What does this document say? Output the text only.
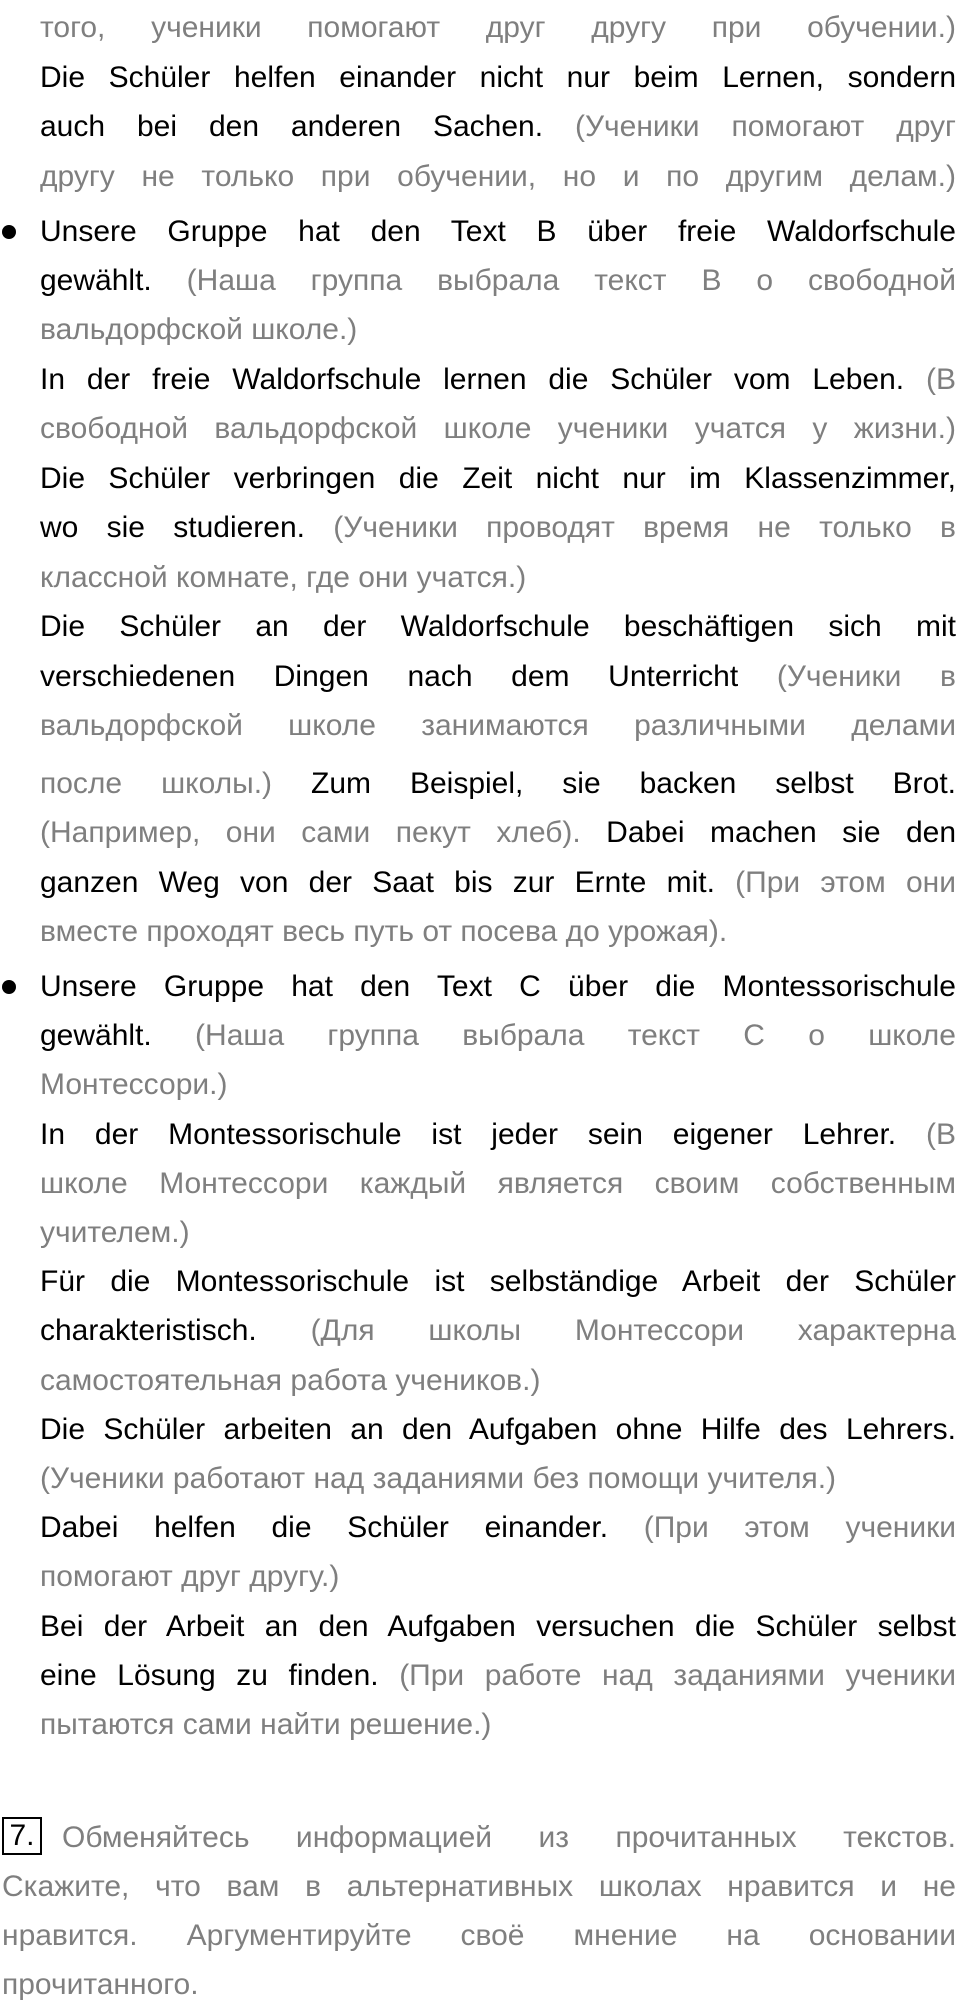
того, ученики помогают друг другу при обучении.)
Die Schüler helfen einander nicht nur beim Lernen, sondern
auch bei den anderen Sachen. (Ученики помогают друг
другу не только при обучении, но и по другим делам.)
Unsere Gruppe hat den Text B über freie Waldorfschule
gewählt. (Наша группа выбрала текст В о свободной
вальдорфской школе.)
In der freie Waldorfschule lernen die Schüler vom Leben. (В
свободной вальдорфской школе ученики учатся у жизни.)
Die Schüler verbringen die Zeit nicht nur im Klassenzimmer,
wo sie studieren. (Ученики проводят время не только в
классной комнате, где они учатся.)
Die Schüler an der Waldorfschule beschäftigen sich mit
verschiedenen Dingen nach dem Unterricht (Ученики в
вальдорфской школе занимаются различными делами
после школы.) Zum Beispiel, sie backen selbst Brot.
(Например, они сами пекут хлеб). Dabei machen sie den
ganzen Weg von der Saat bis zur Ernte mit. (При этом они
вместе проходят весь путь от посева до урожая).
Unsere Gruppe hat den Text C über die Montessorischule
gewählt. (Наша группа выбрала текст С о школе
Монтессори.)
In der Montessorischule ist jeder sein eigener Lehrer. (В
школе Монтессори каждый является своим собственным
учителем.)
Für die Montessorischule ist selbständige Arbeit der Schüler
charakteristisch. (Для школы Монтессори характерна
самостоятельная работа учеников.)
Die Schüler arbeiten an den Aufgaben ohne Hilfe des Lehrers.
(Ученики работают над заданиями без помощи учителя.)
Dabei helfen die Schüler einander. (При этом ученики
помогают друг другу.)
Bei der Arbeit an den Aufgaben versuchen die Schüler selbst
eine Lösung zu finden. (При работе над заданиями ученики
пытаются сами найти решение.)
7. Обменяйтесь информацией из прочитанных текстов.
Скажите, что вам в альтернативных школах нравится и не
нравится. Аргументируйте своё мнение на основании
прочитанного.
